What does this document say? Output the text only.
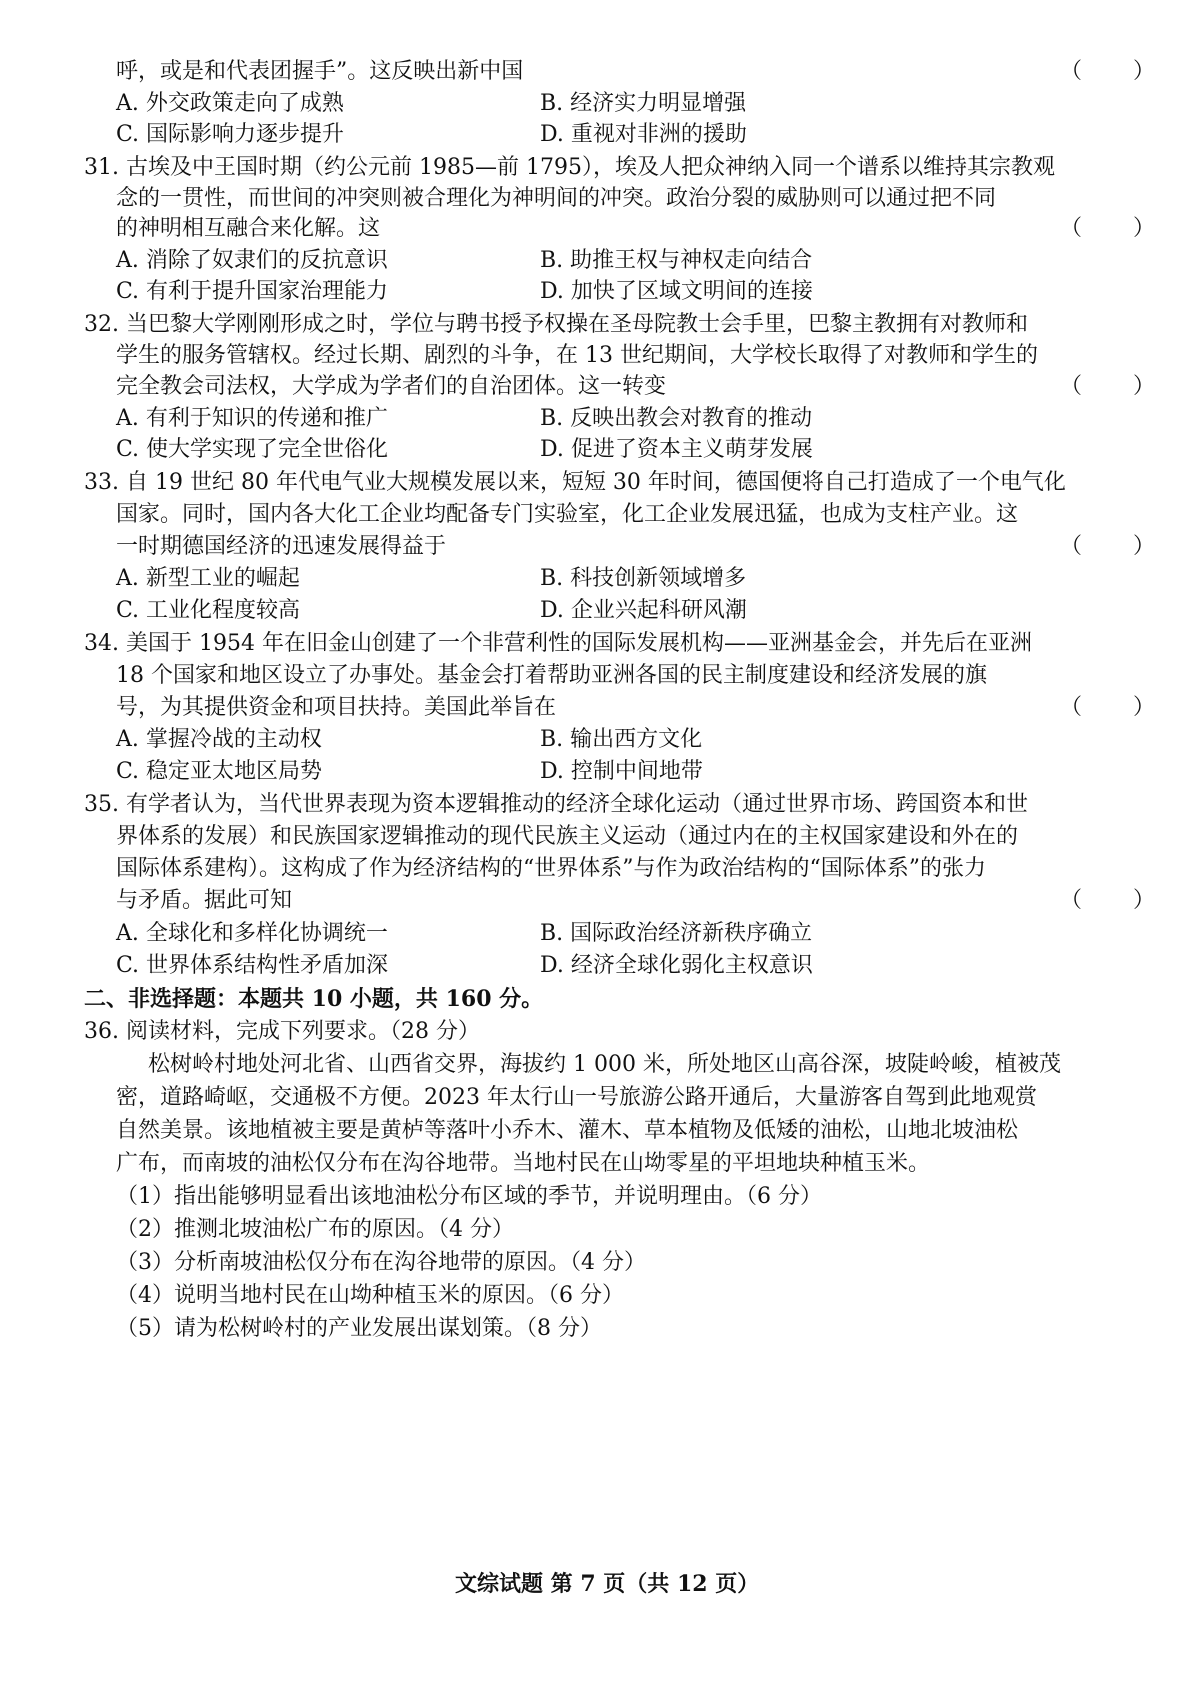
呼，或是和代表团握手”。这反映出新中国	（ ）
A. 外交政策走向了成熟	B. 经济实力明显增强
C. 国际影响力逐步提升	D. 重视对非洲的援助
31. 古埃及中王国时期（约公元前 1985—前 1795），埃及人把众神纳入同一个谱系以维持其宗教观
念的一贯性，而世间的冲突则被合理化为神明间的冲突。政治分裂的威胁则可以通过把不同
的神明相互融合来化解。这	（ ）
A. 消除了奴隶们的反抗意识	B. 助推王权与神权走向结合
C. 有利于提升国家治理能力	D. 加快了区域文明间的连接
32. 当巴黎大学刚刚形成之时，学位与聘书授予权操在圣母院教士会手里，巴黎主教拥有对教师和
学生的服务管辖权。经过长期、剧烈的斗争，在 13 世纪期间，大学校长取得了对教师和学生的
完全教会司法权，大学成为学者们的自治团体。这一转变	（ ）
A. 有利于知识的传递和推广	B. 反映出教会对教育的推动
C. 使大学实现了完全世俗化	D. 促进了资本主义萌芽发展
33. 自 19 世纪 80 年代电气业大规模发展以来，短短 30 年时间，德国便将自己打造成了一个电气化
国家。同时，国内各大化工企业均配备专门实验室，化工企业发展迅猛，也成为支柱产业。这
一时期德国经济的迅速发展得益于	（ ）
A. 新型工业的崛起	B. 科技创新领域增多
C. 工业化程度较高	D. 企业兴起科研风潮
34. 美国于 1954 年在旧金山创建了一个非营利性的国际发展机构——亚洲基金会，并先后在亚洲
18 个国家和地区设立了办事处。基金会打着帮助亚洲各国的民主制度建设和经济发展的旗
号，为其提供资金和项目扶持。美国此举旨在	（ ）
A. 掌握冷战的主动权	B. 输出西方文化
C. 稳定亚太地区局势	D. 控制中间地带
35. 有学者认为，当代世界表现为资本逻辑推动的经济全球化运动（通过世界市场、跨国资本和世
界体系的发展）和民族国家逻辑推动的现代民族主义运动（通过内在的主权国家建设和外在的
国际体系建构）。这构成了作为经济结构的“世界体系”与作为政治结构的“国际体系”的张力
与矛盾。据此可知	（ ）
A. 全球化和多样化协调统一	B. 国际政治经济新秩序确立
C. 世界体系结构性矛盾加深	D. 经济全球化弱化主权意识
二、非选择题：本题共 10 小题，共 160 分。
36. 阅读材料，完成下列要求。（28 分）
松树岭村地处河北省、山西省交界，海拔约 1 000 米，所处地区山高谷深，坡陡岭峻，植被茂
密，道路崎岖，交通极不方便。2023 年太行山一号旅游公路开通后，大量游客自驾到此地观赏
自然美景。该地植被主要是黄栌等落叶小乔木、灌木、草本植物及低矮的油松，山地北坡油松
广布，而南坡的油松仅分布在沟谷地带。当地村民在山坳零星的平坦地块种植玉米。
（1）指出能够明显看出该地油松分布区域的季节，并说明理由。（6 分）
（2）推测北坡油松广布的原因。（4 分）
（3）分析南坡油松仅分布在沟谷地带的原因。（4 分）
（4）说明当地村民在山坳种植玉米的原因。（6 分）
（5）请为松树岭村的产业发展出谋划策。（8 分）
文综试题 第 7 页（共 12 页）
